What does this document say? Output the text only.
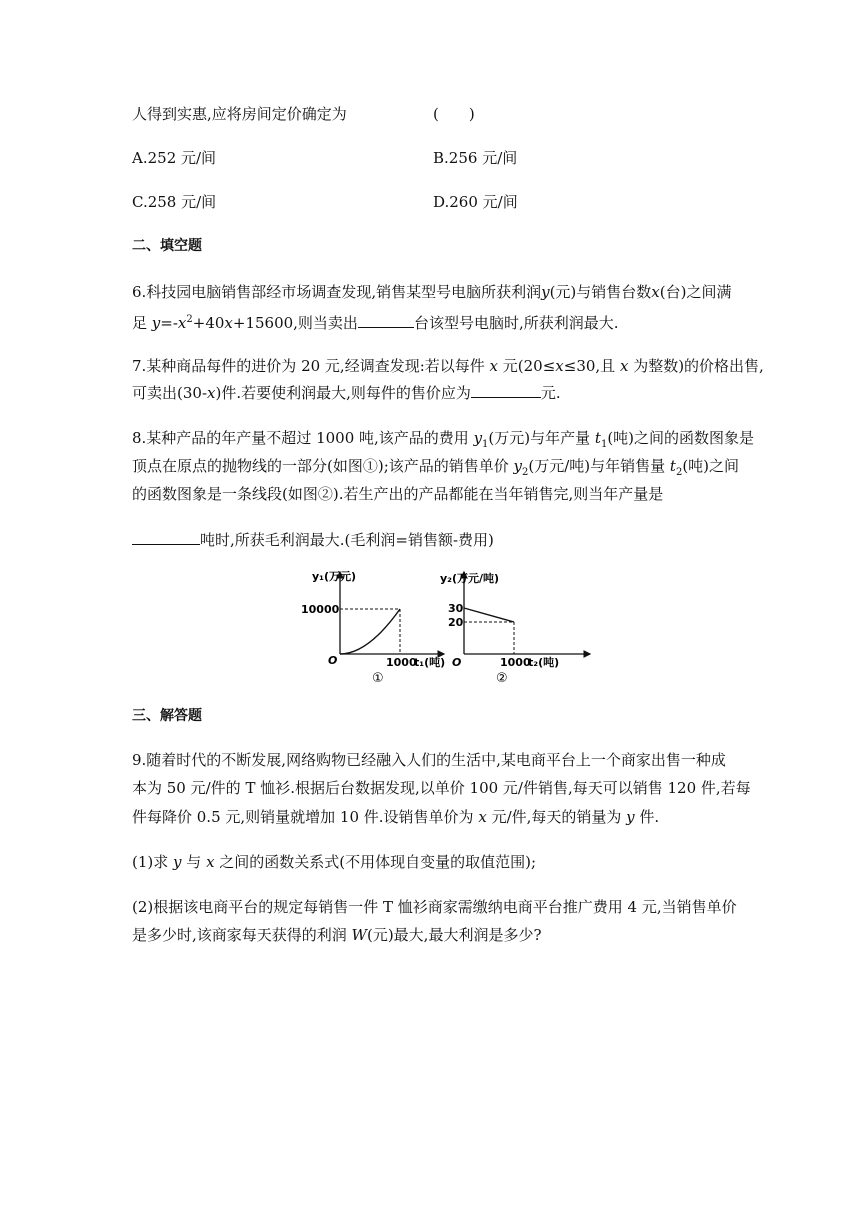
人得到实惠,应将房间定价确定为	(　　)
A.252 元/间	B.256 元/间
C.258 元/间	D.260 元/间
二、填空题
6.科技园电脑销售部经市场调查发现,销售某型号电脑所获利润y(元)与销售台数x(台)之间满
足 $y=-x^2+40x+15600$,则当卖出	台该型号电脑时,所获利润最大.
7.某种商品每件的进价为 20 元,经调查发现:若以每件 x 元(20≤x≤30,且 x 为整数)的价格出售,
可卖出(30-x)件.若要使利润最大,则每件的售价应为	元.
8.某种产品的年产量不超过 1000 吨,该产品的费用 $y_1$(万元)与年产量 $t_1$(吨)之间的函数图象是
顶点在原点的抛物线的一部分(如图①);该产品的销售单价 $y_2$(万元/吨)与年销售量 $t_2$(吨)之间
的函数图象是一条线段(如图②).若生产出的产品都能在当年销售完,则当年产量是
吨时,所获毛利润最大.(毛利润=销售额-费用)
y₁(万元)
10000
O	1000
t₁(吨)
①
y₂(万元/吨)
30
20
O	1000
t₂(吨)
②
三、解答题
9.随着时代的不断发展,网络购物已经融入人们的生活中,某电商平台上一个商家出售一种成
本为 50 元/件的 T 恤衫.根据后台数据发现,以单价 100 元/件销售,每天可以销售 120 件,若每
件每降价 0.5 元,则销量就增加 10 件.设销售单价为 x 元/件,每天的销量为 y 件.
(1)求 y 与 x 之间的函数关系式(不用体现自变量的取值范围);
(2)根据该电商平台的规定每销售一件 T 恤衫商家需缴纳电商平台推广费用 4 元,当销售单价
是多少时,该商家每天获得的利润 W(元)最大,最大利润是多少?
